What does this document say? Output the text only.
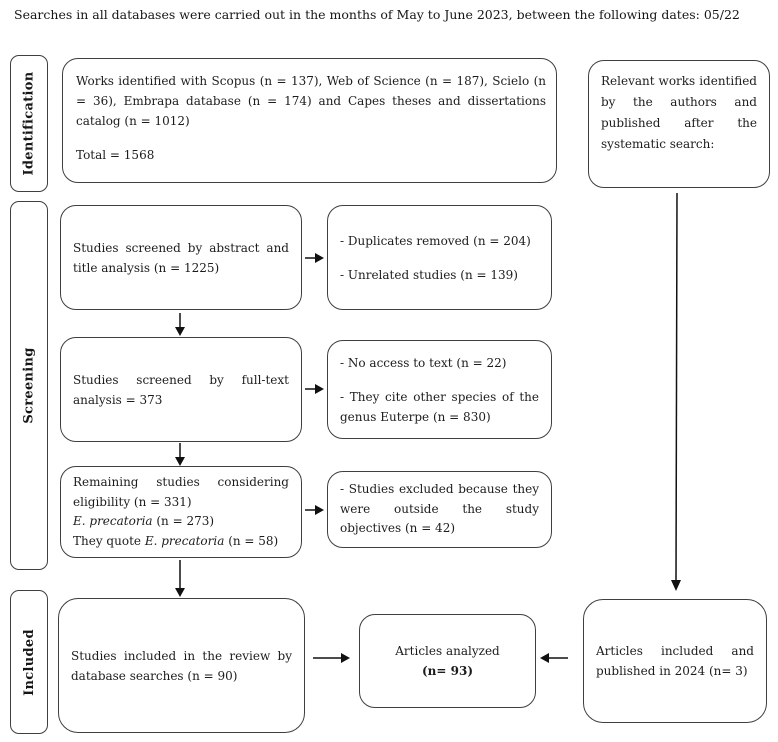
Searches in all databases were carried out in the months of May to June 2023, between the following dates: 05/22
Identification
Screening
Included

Works identified with Scopus (n = 137), Web of Science (n = 187), Scielo (n = 36), Embrapa database (n = 174) and Capes theses and dissertations catalog (n = 1012)

Total = 1568

Relevant works identified by the authors and published after the systematic search:

Studies screened by abstract and title analysis (n = 1225)

- Duplicates removed (n = 204)

- Unrelated studies (n = 139)

Studies screened by full-text analysis = 373

- No access to text (n = 22)

- They cite other species of the genus Euterpe (n = 830)

Remaining studies considering eligibility (n = 331)
E. precatoria (n = 273)
They quote E. precatoria (n = 58)

- Studies excluded because they were outside the study objectives (n = 42)

Studies included in the review by database searches (n = 90)

Articles analyzed
(n= 93)

Articles included and published in 2024 (n= 3)
